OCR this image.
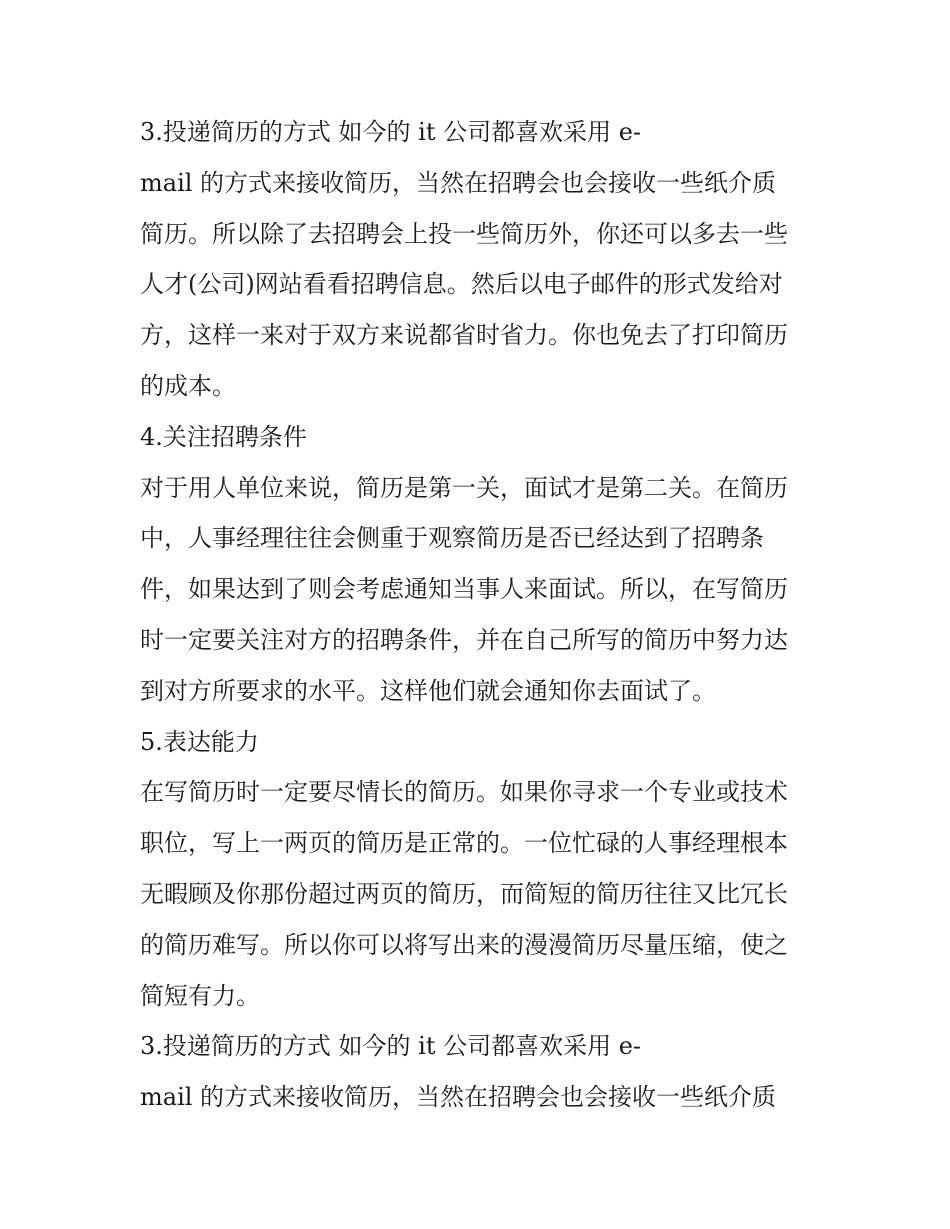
3.投递简历的方式 如今的 it 公司都喜欢采用 e-
mail 的方式来接收简历，当然在招聘会也会接收一些纸介质
简历。所以除了去招聘会上投一些简历外，你还可以多去一些
人才(公司)网站看看招聘信息。然后以电子邮件的形式发给对
方，这样一来对于双方来说都省时省力。你也免去了打印简历
的成本。
4.关注招聘条件
对于用人单位来说，简历是第一关，面试才是第二关。在简历
中，人事经理往往会侧重于观察简历是否已经达到了招聘条
件，如果达到了则会考虑通知当事人来面试。所以，在写简历
时一定要关注对方的招聘条件，并在自己所写的简历中努力达
到对方所要求的水平。这样他们就会通知你去面试了。
5.表达能力
在写简历时一定要尽情长的简历。如果你寻求一个专业或技术
职位，写上一两页的简历是正常的。一位忙碌的人事经理根本
无暇顾及你那份超过两页的简历，而简短的简历往往又比冗长
的简历难写。所以你可以将写出来的漫漫简历尽量压缩，使之
简短有力。
3.投递简历的方式 如今的 it 公司都喜欢采用 e-
mail 的方式来接收简历，当然在招聘会也会接收一些纸介质
